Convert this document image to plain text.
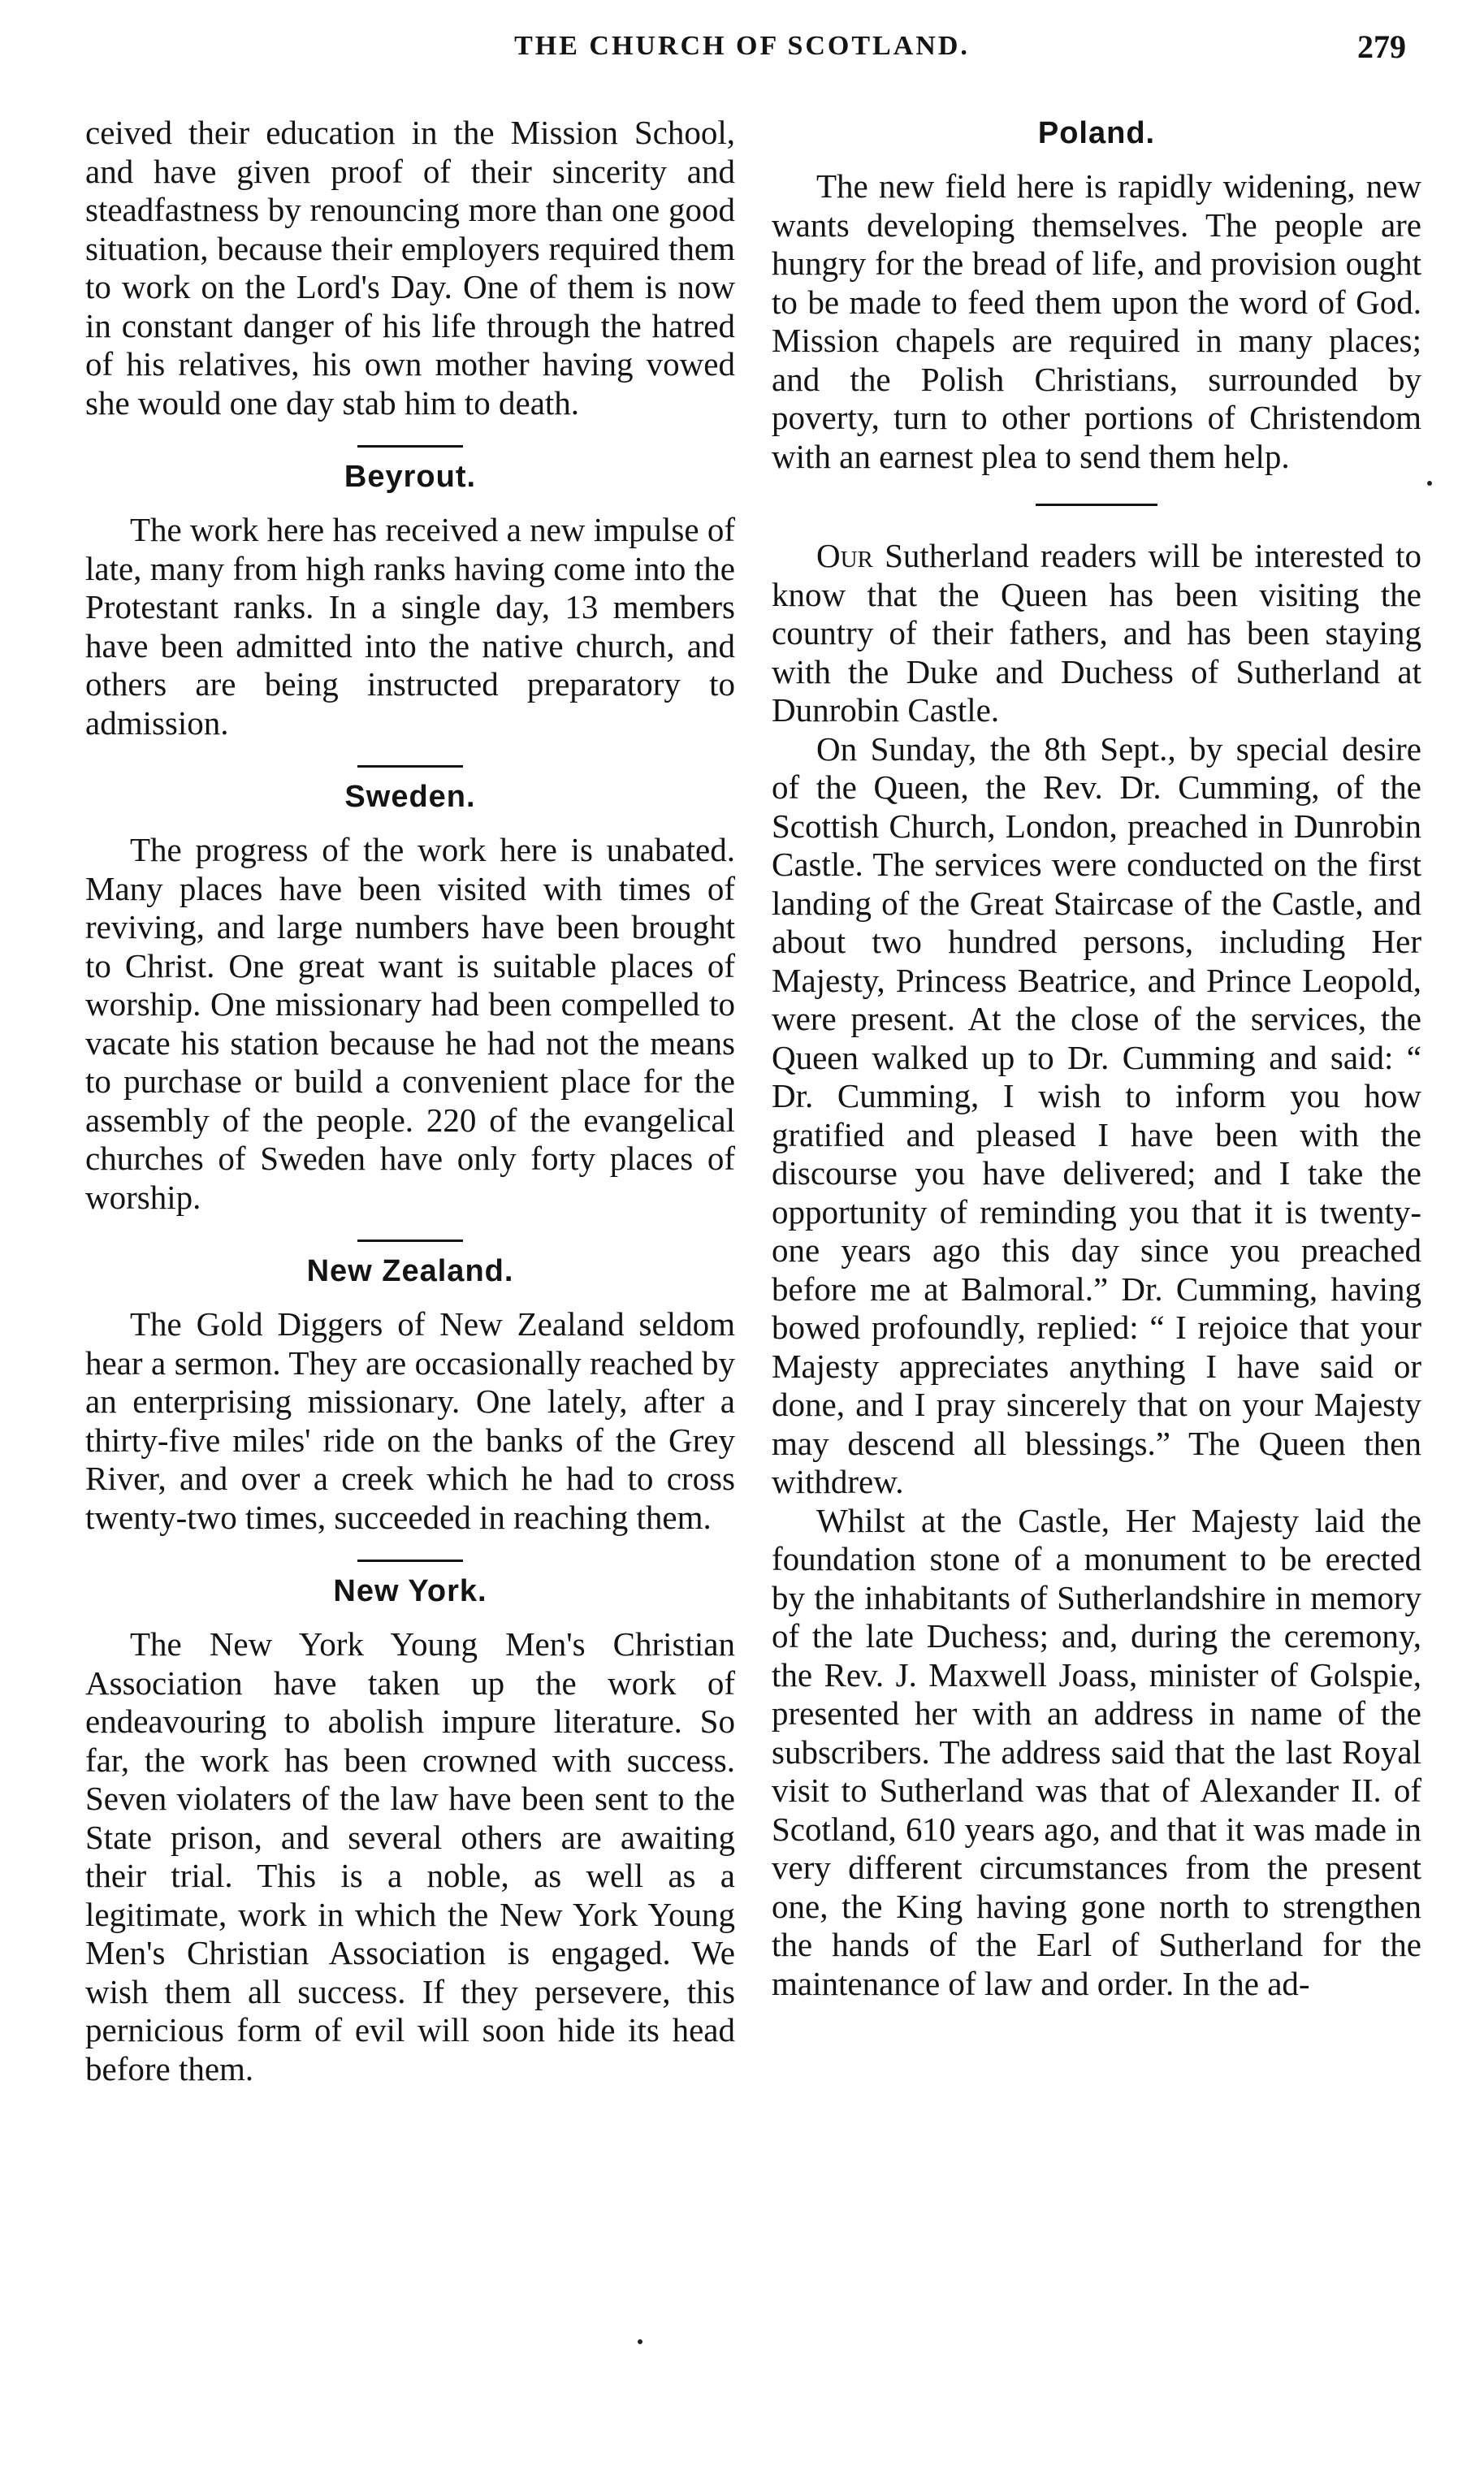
THE CHURCH OF SCOTLAND.	279

ceived their education in the Mission School, and have given proof of their sincerity and steadfastness by renouncing more than one good situation, because their employers required them to work on the Lord's Day. One of them is now in constant danger of his life through the hatred of his relatives, his own mother having vowed she would one day stab him to death.

Beyrout.

The work here has received a new impulse of late, many from high ranks having come into the Protestant ranks. In a single day, 13 members have been admitted into the native church, and others are being instructed preparatory to admission.

Sweden.

The progress of the work here is unabated. Many places have been visited with times of reviving, and large numbers have been brought to Christ. One great want is suitable places of worship. One missionary had been compelled to vacate his station because he had not the means to purchase or build a convenient place for the assembly of the people. 220 of the evangelical churches of Sweden have only forty places of worship.

New Zealand.

The Gold Diggers of New Zealand seldom hear a sermon. They are occasionally reached by an enterprising missionary. One lately, after a thirty-five miles' ride on the banks of the Grey River, and over a creek which he had to cross twenty-two times, succeeded in reaching them.

New York.

The New York Young Men's Christian Association have taken up the work of endeavouring to abolish impure literature. So far, the work has been crowned with success. Seven violaters of the law have been sent to the State prison, and several others are awaiting their trial. This is a noble, as well as a legitimate, work in which the New York Young Men's Christian Association is engaged. We wish them all success. If they persevere, this pernicious form of evil will soon hide its head before them.

Poland.

The new field here is rapidly widening, new wants developing themselves. The people are hungry for the bread of life, and provision ought to be made to feed them upon the word of God. Mission chapels are required in many places; and the Polish Christians, surrounded by poverty, turn to other portions of Christendom with an earnest plea to send them help.

Our Sutherland readers will be interested to know that the Queen has been visiting the country of their fathers, and has been staying with the Duke and Duchess of Sutherland at Dunrobin Castle.

On Sunday, the 8th Sept., by special desire of the Queen, the Rev. Dr. Cumming, of the Scottish Church, London, preached in Dunrobin Castle. The services were conducted on the first landing of the Great Staircase of the Castle, and about two hundred persons, including Her Majesty, Princess Beatrice, and Prince Leopold, were present. At the close of the services, the Queen walked up to Dr. Cumming and said: “ Dr. Cumming, I wish to inform you how gratified and pleased I have been with the discourse you have delivered; and I take the opportunity of reminding you that it is twenty-one years ago this day since you preached before me at Balmoral.” Dr. Cumming, having bowed profoundly, replied: “ I rejoice that your Majesty appreciates anything I have said or done, and I pray sincerely that on your Majesty may descend all blessings.” The Queen then withdrew.

Whilst at the Castle, Her Majesty laid the foundation stone of a monument to be erected by the inhabitants of Sutherlandshire in memory of the late Duchess; and, during the ceremony, the Rev. J. Maxwell Joass, minister of Golspie, presented her with an address in name of the subscribers. The address said that the last Royal visit to Sutherland was that of Alexander II. of Scotland, 610 years ago, and that it was made in very different circumstances from the present one, the King having gone north to strengthen the hands of the Earl of Sutherland for the maintenance of law and order. In the ad-
